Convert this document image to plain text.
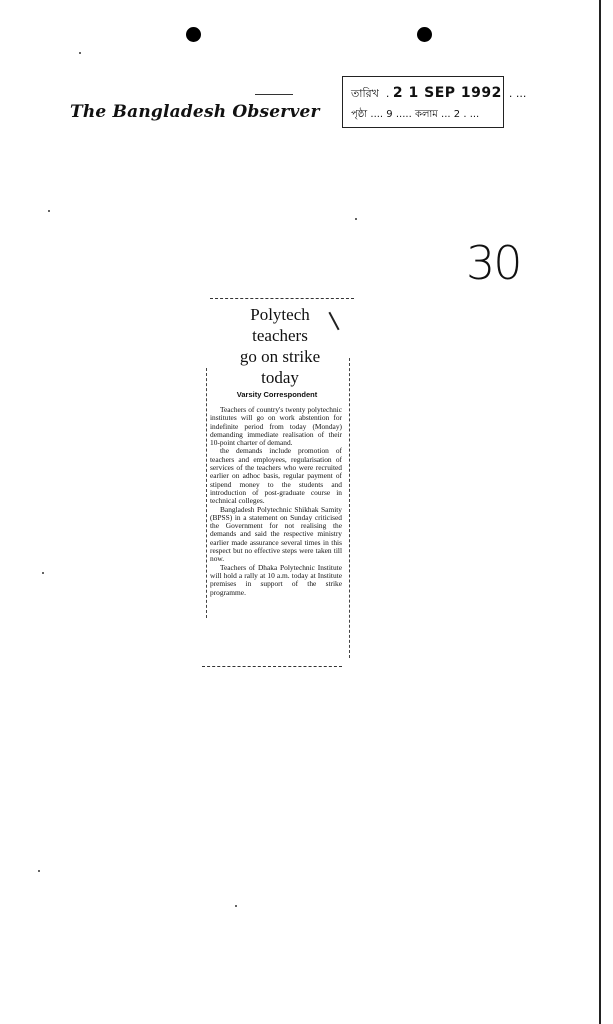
The Bangladesh Observer
তারিখ  . 2 1 SEP 1992  . ...
পৃষ্ঠা .... 9 ..... কলাম ... 2 . ...
30
Polytech
teachers
go on strike
today
Varsity Correspondent

Teachers of country's twenty polytechnic institutes will go on work abstention for indefinite period from today (Monday) demanding immediate realisation of their 10-point charter of demand.

the demands include promotion of teachers and employees, regularisation of services of the teachers who were recruited earlier on adhoc basis, regular payment of stipend money to the students and introduction of post-graduate course in technical colleges.

Bangladesh Polytechnic Shikhak Samity (BPSS) in a statement on Sunday criticised the Government for not realising the demands and said the respective ministry earlier made assurance several times in this respect but no effective steps were taken till now.

Teachers of Dhaka Polytechnic Institute will hold a rally at 10 a.m. today at Institute premises in support of the strike programme.
